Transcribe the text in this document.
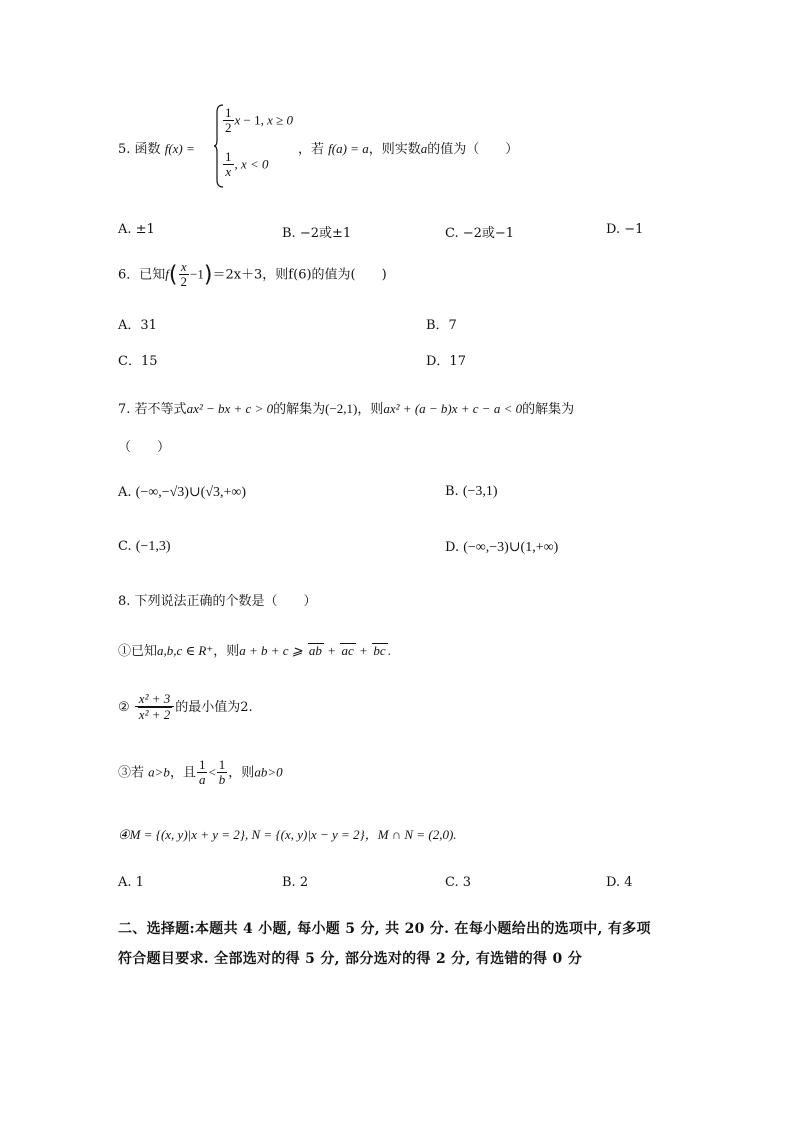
5. 函数 f(x) =
$\frac{1}{2}$ x − 1, x ≥ 0
$\frac{1}{x}$ , x < 0
，若 f(a) = a，则实数a的值为（　　）
A. ±1	B. −2或±1	C. −2或−1	D. −1
6．已知$f( \frac{x}{2} -1)=2x+3$，则f(6)的值为(　　)
A．31	B．7
C．15	D．17
7. 若不等式ax² − bx + c > 0的解集为(−2,1)，则ax² + (a − b)x + c − a < 0的解集为
（　　）
A. (−∞,−√3)∪(√3,+∞)	B. (−3,1)
C. (−1,3)	D. (−∞,−3)∪(1,+∞)
8. 下列说法正确的个数是（　　）
①已知a,b,c ∈ R⁺，则a + b + c ⩾ ab + ac + bc .
② $\frac{\text{x² + 3}}{\text{x² + 2}}$ 的最小值为2.
③若 a>b，且 $\frac{1}{a} < \frac{1}{b}$ ，则ab>0
④M = {(x, y)|x + y = 2}, N = {(x, y)|x − y = 2}，M ∩ N = (2,0).
A. 1	B. 2	C. 3	D. 4
二、选择题:本题共 4 小题, 每小题 5 分, 共 20 分. 在每小题给出的选项中, 有多项
符合题目要求. 全部选对的得 5 分, 部分选对的得 2 分, 有选错的得 0 分
